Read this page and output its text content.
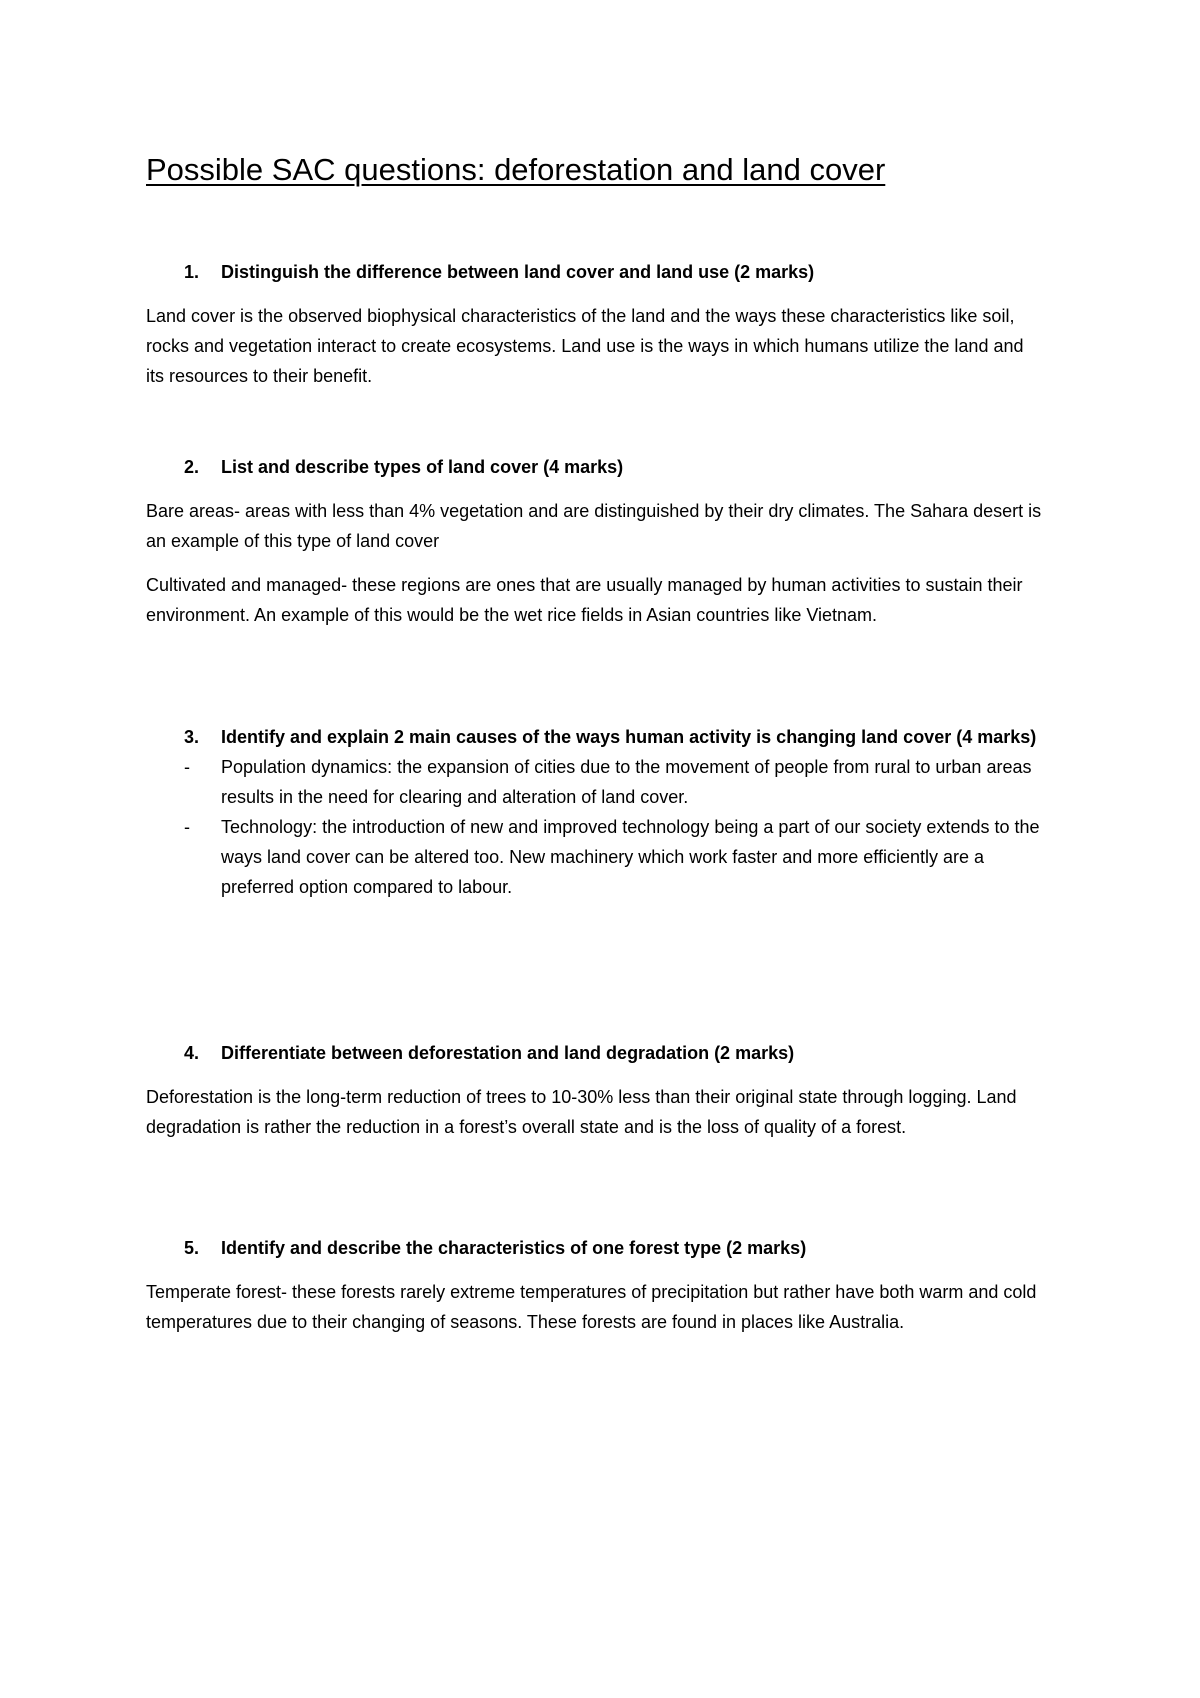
Possible SAC questions: deforestation and land cover
1.	Distinguish the difference between land cover and land use (2 marks)

Land cover is the observed biophysical characteristics of the land and the ways these characteristics like soil, rocks and vegetation interact to create ecosystems. Land use is the ways in which humans utilize the land and its resources to their benefit.

2.	List and describe types of land cover (4 marks)

Bare areas- areas with less than 4% vegetation and are distinguished by their dry climates. The Sahara desert is an example of this type of land cover

Cultivated and managed- these regions are ones that are usually managed by human activities to sustain their environment. An example of this would be the wet rice fields in Asian countries like Vietnam.

3.	Identify and explain 2 main causes of the ways human activity is changing land cover (4 marks)
-	Population dynamics: the expansion of cities due to the movement of people from rural to urban areas results in the need for clearing and alteration of land cover.
-	Technology: the introduction of new and improved technology being a part of our society extends to the ways land cover can be altered too. New machinery which work faster and more efficiently are a preferred option compared to labour.
4.	Differentiate between deforestation and land degradation (2 marks)

Deforestation is the long-term reduction of trees to 10-30% less than their original state through logging. Land degradation is rather the reduction in a forest’s overall state and is the loss of quality of a forest.

5.	Identify and describe the characteristics of one forest type (2 marks)

Temperate forest- these forests rarely extreme temperatures of precipitation but rather have both warm and cold temperatures due to their changing of seasons. These forests are found in places like Australia.
